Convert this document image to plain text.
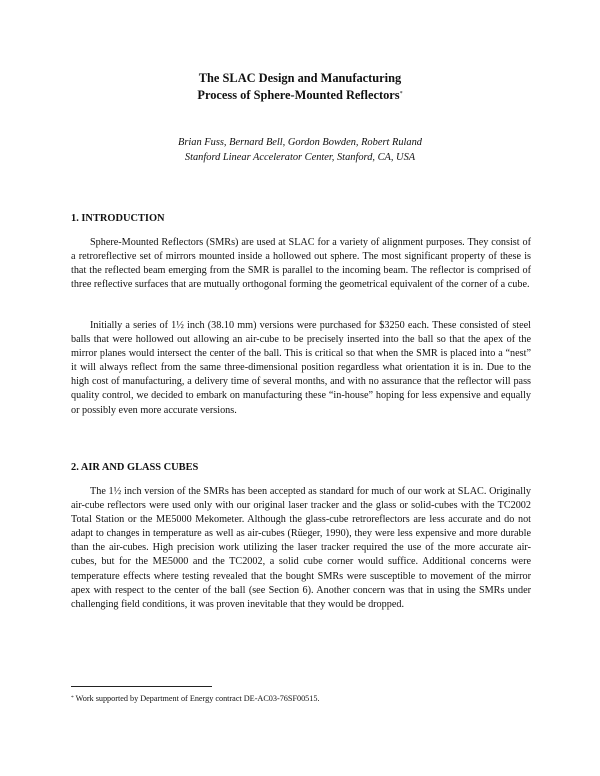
The SLAC Design and Manufacturing
Process of Sphere-Mounted Reflectors*
Brian Fuss, Bernard Bell, Gordon Bowden, Robert Ruland
Stanford Linear Accelerator Center, Stanford, CA, USA
1. INTRODUCTION

Sphere-Mounted Reflectors (SMRs) are used at SLAC for a variety of alignment purposes. They consist of a retroreflective set of mirrors mounted inside a hollowed out sphere. The most significant property of these is that the reflected beam emerging from the SMR is parallel to the incoming beam. The reflector is comprised of three reflective surfaces that are mutually orthogonal forming the geometrical equivalent of the corner of a cube.

Initially a series of 1½ inch (38.10 mm) versions were purchased for $3250 each. These consisted of steel balls that were hollowed out allowing an air-cube to be precisely inserted into the ball so that the apex of the mirror planes would intersect the center of the ball. This is critical so that when the SMR is placed into a “nest” it will always reflect from the same three-dimensional position regardless what orientation it is in. Due to the high cost of manufacturing, a delivery time of several months, and with no assurance that the reflector will pass quality control, we decided to embark on manufacturing these “in-house” hoping for less expensive and equally or possibly even more accurate versions.

2. AIR AND GLASS CUBES

The 1½ inch version of the SMRs has been accepted as standard for much of our work at SLAC. Originally air-cube reflectors were used only with our original laser tracker and the glass or solid-cubes with the TC2002 Total Station or the ME5000 Mekometer. Although the glass-cube retroreflectors are less accurate and do not adapt to changes in temperature as well as air-cubes (Rüeger, 1990), they were less expensive and more durable than the air-cubes. High precision work utilizing the laser tracker required the use of the more accurate air-cubes, but for the ME5000 and the TC2002, a solid cube corner would suffice. Additional concerns were temperature effects where testing revealed that the bought SMRs were susceptible to movement of the mirror apex with respect to the center of the ball (see Section 6). Another concern was that in using the SMRs under challenging field conditions, it was proven inevitable that they would be dropped.

* Work supported by Department of Energy contract DE-AC03-76SF00515.
